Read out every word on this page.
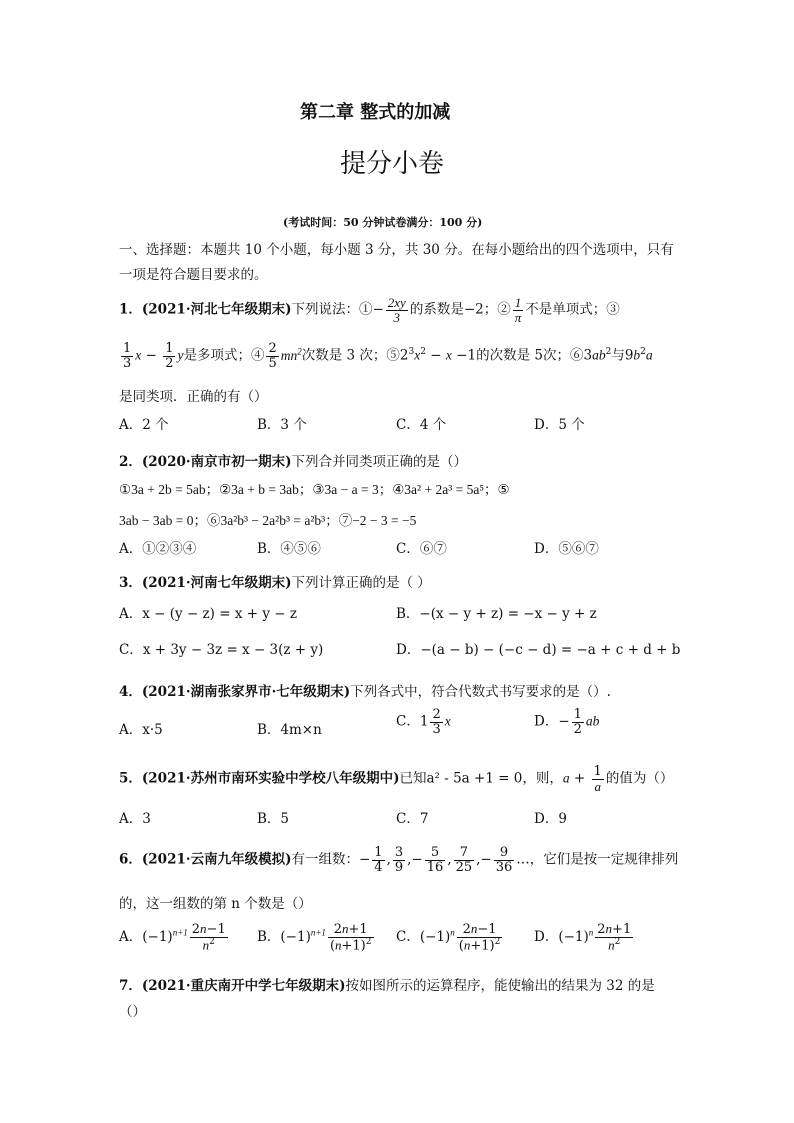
第二章 整式的加减
提分小卷
(考试时间：50 分钟试卷满分：100 分)
一、选择题：本题共 10 个小题，每小题 3 分，共 30 分。在每小题给出的四个选项中，只有
一项是符合题目要求的。
1．(2021·河北七年级期末)下列说法：①− $\frac{2xy}{3}$ 的系数是−2；② $\frac{1}{\pi}$ 不是单项式；③
$\frac{1}{3}$ $x - \frac{1}{2}$ y是多项式；④ $\frac{2}{5} mn^2$次数是 3 次；$⑤2^3x^2 - x -1$的次数是 5次；$⑥3ab^2$与$9b^2a$
是同类项．正确的有（）
A．2 个	B．3 个	C．4 个	D．5 个
2．(2020·南京市初一期末)下列合并同类项正确的是（）
①3a + 2b = 5ab；②3a + b = 3ab；③3a − a = 3；④3a² + 2a³ = 5a⁵；⑤
3ab − 3ab = 0；⑥3a²b³ − 2a²b³ = a²b³；⑦−2 − 3 = −5
A．①②③④	B．④⑤⑥	C．⑥⑦	D．⑤⑥⑦
3．(2021·河南七年级期末)下列计算正确的是（ ）
A．x − (y − z) = x + y − z	B．−(x − y + z) = −x − y + z
C．x + 3y − 3z = x − 3(z + y)	D．−(a − b) − (−c − d) = −a + c + d + b
4．(2021·湖南张家界市·七年级期末)下列各式中，符合代数式书写要求的是（）.
A．x·5	B．4m×n
C．$1 \frac{2}{3}$ x	D．− $\frac{1}{2}$ ab
5．(2021·苏州市南环实验中学校八年级期中)已知a² - 5a +1 = 0，则，$a + \frac{1}{a}$ 的值为（）
A．3	B．5	C．7	D．9
6．(2021·云南九年级模拟)有一组数：− $\frac{1}{4}$ , $\frac{3}{9}$ ,− $\frac{5}{16}$ , $\frac{7}{25}$ ,− $\frac{9}{36}$ …，它们是按一定规律排列
的，这一组数的第 n 个数是（）
A．$(-1)^{n+1} \frac{2n-1}{n^2}$ B．$(-1)^{n+1} \frac{2n+1}{(n+1)^2}$ C．$(-1)^n \frac{2n-1}{(n+1)^2}$ D．$(-1)^n \frac{2n+1}{n^2}$
7．(2021·重庆南开中学七年级期末)按如图所示的运算程序，能使输出的结果为 32 的是
（）
